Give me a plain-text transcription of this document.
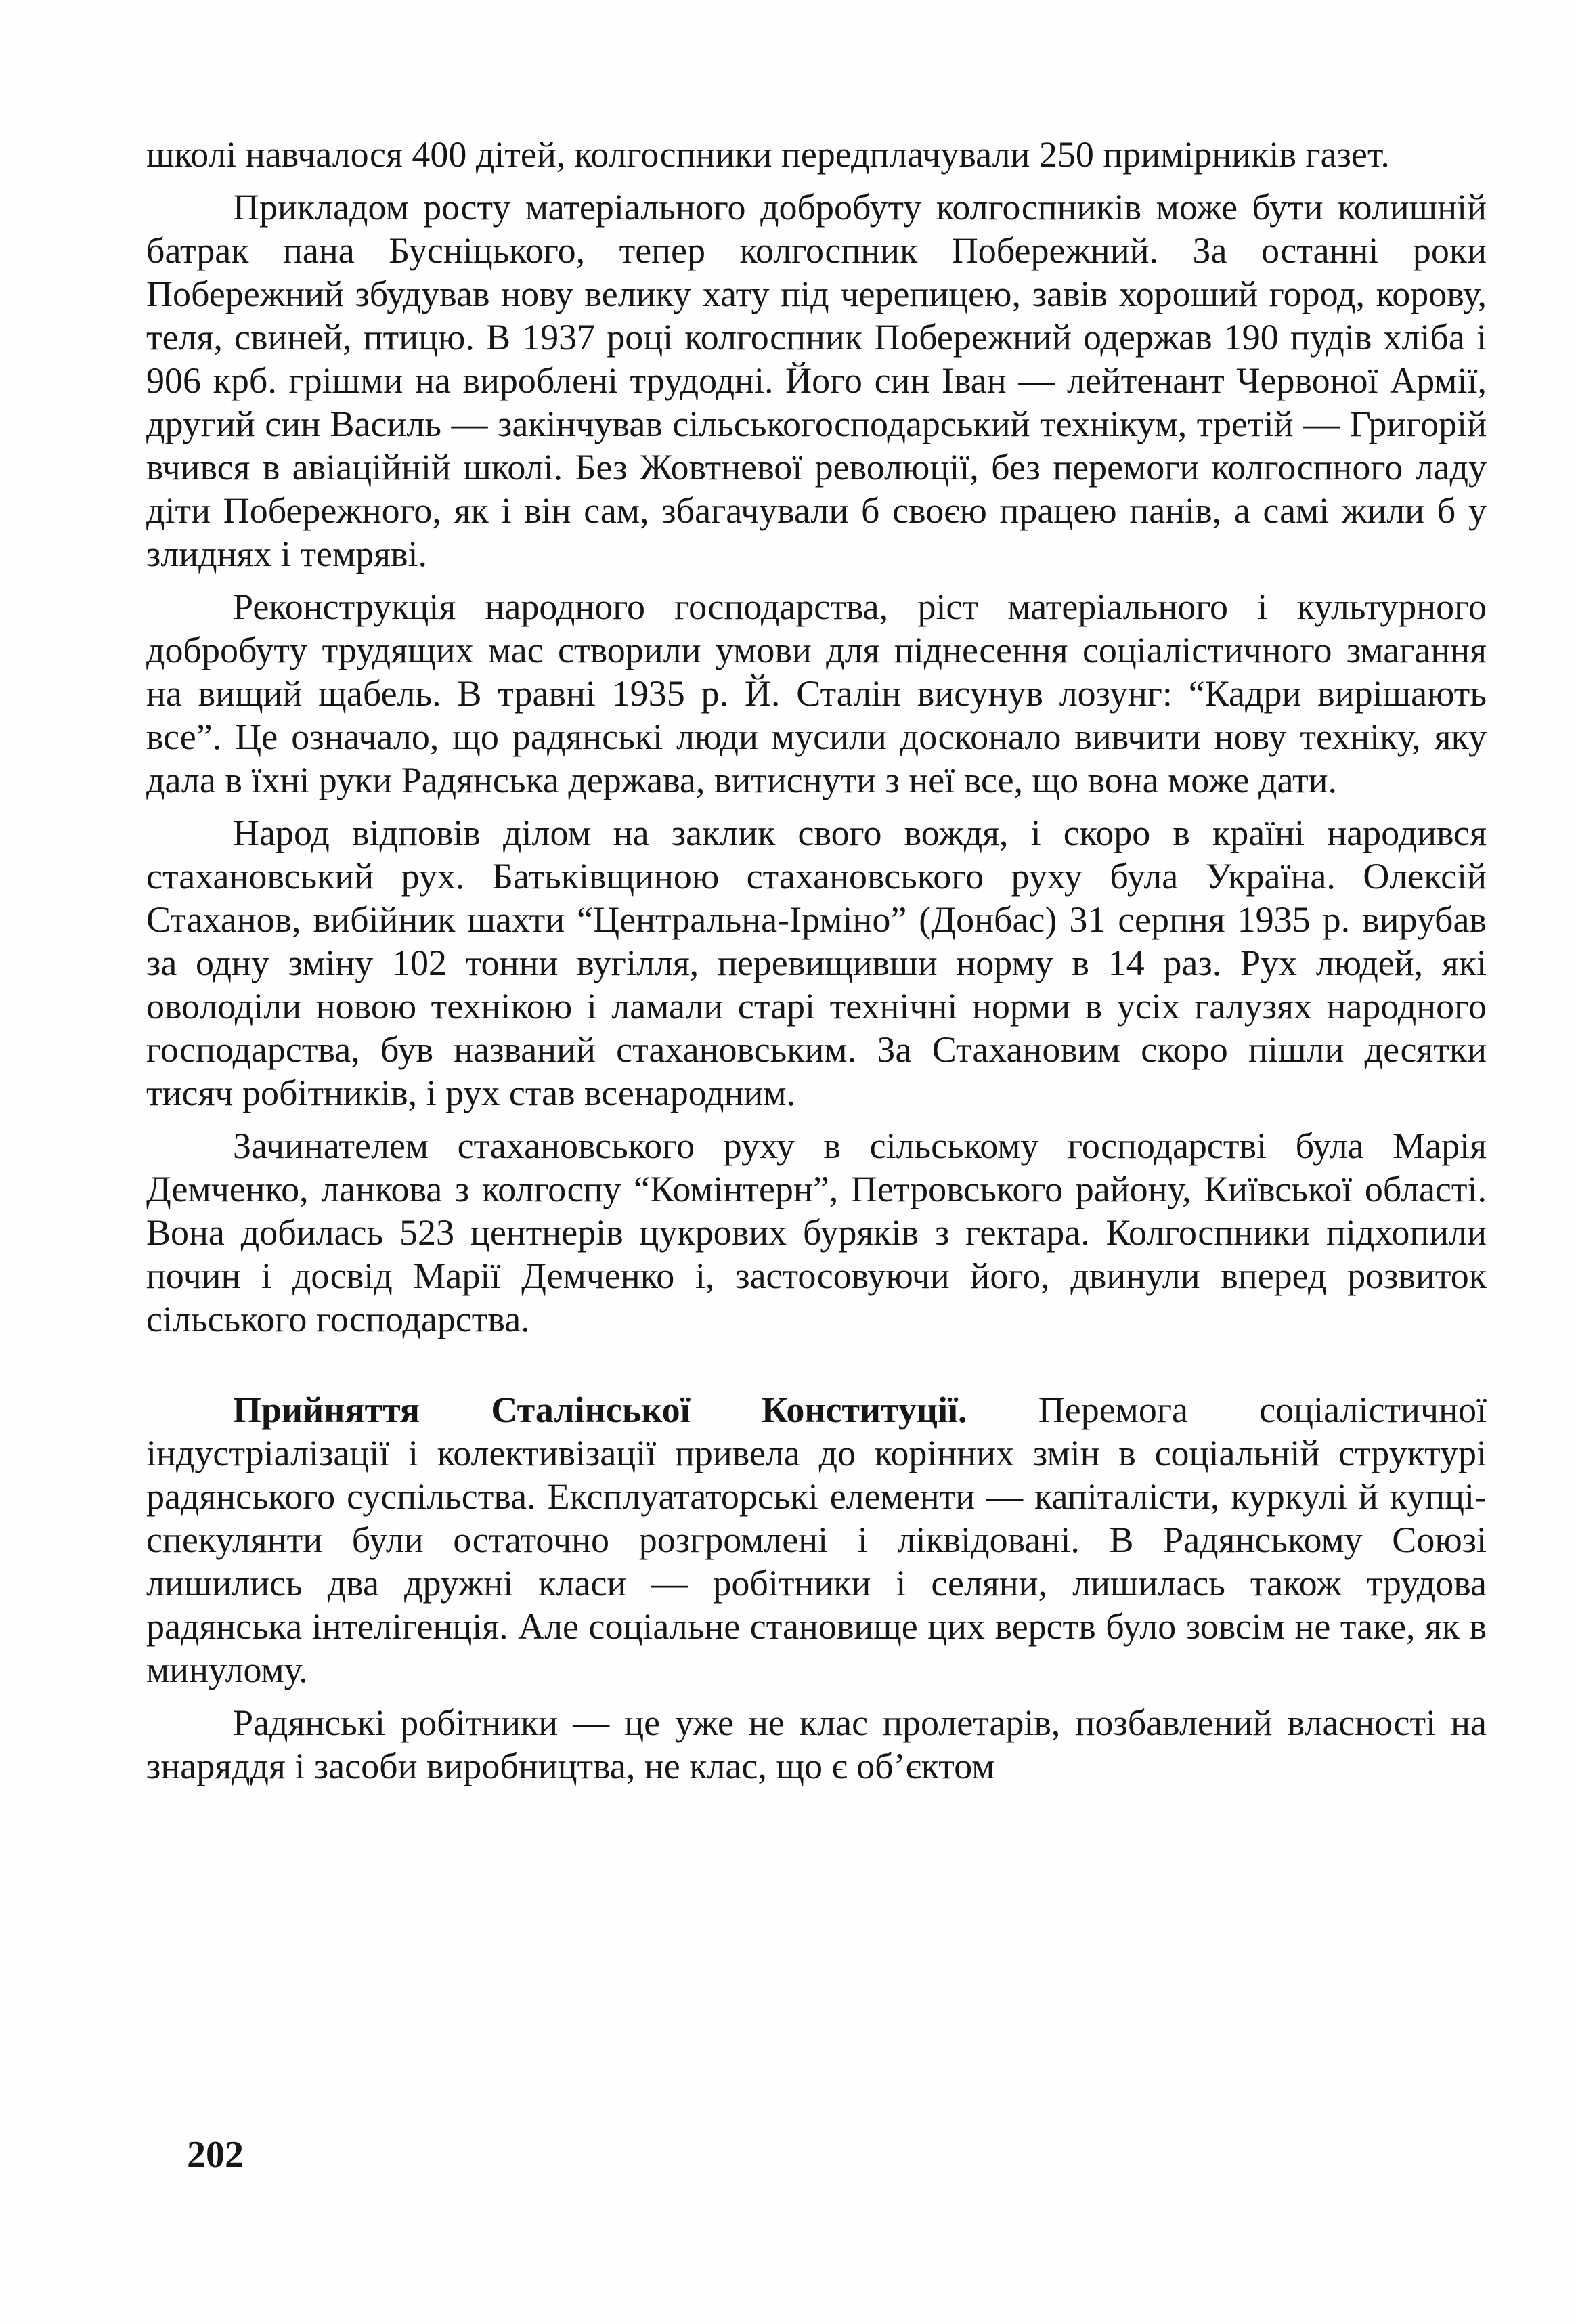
школі навчалося 400 дітей, колгоспники передплачували 250 примірників газет.

Прикладом росту матеріального добробуту колгоспників може бути колишній батрак пана Бусніцького, тепер колгоспник Побережний. За останні роки Побережний збудував нову велику хату під черепицею, завів хороший город, корову, теля, свиней, птицю. В 1937 році колгоспник Побережний одержав 190 пудів хліба і 906 крб. грішми на вироблені трудодні. Його син Іван — лейтенант Червоної Армії, другий син Василь — закінчував сільськогосподарський технікум, третій — Григорій вчився в авіаційній школі. Без Жовтневої революції, без перемоги колгоспного ладу діти Побережного, як і він сам, збагачували б своєю працею панів, а самі жили б у злиднях і темряві.

Реконструкція народного господарства, ріст матеріального і культурного добробуту трудящих мас створили умови для піднесення соціалістичного змагання на вищий щабель. В травні 1935 р. Й. Сталін висунув лозунг: “Кадри вирішають все”. Це означало, що радянські люди мусили досконало вивчити нову техніку, яку дала в їхні руки Радянська держава, витиснути з неї все, що вона може дати.

Народ відповів ділом на заклик свого вождя, і скоро в країні народився стахановський рух. Батьківщиною стахановського руху була Україна. Олексій Стаханов, вибійник шахти “Центральна-Ірміно” (Донбас) 31 серпня 1935 р. вирубав за одну зміну 102 тонни вугілля, перевищивши норму в 14 раз. Рух людей, які оволоділи новою технікою і ламали старі технічні норми в усіх галузях народного господарства, був названий стахановським. За Стахановим скоро пішли десятки тисяч робітників, і рух став всенародним.

Зачинателем стахановського руху в сільському господарстві була Марія Демченко, ланкова з колгоспу “Комінтерн”, Петровського району, Київської області. Вона добилась 523 центнерів цукрових буряків з гектара. Колгоспники підхопили почин і досвід Марії Демченко і, застосовуючи його, двинули вперед розвиток сільського господарства.

Прийняття Сталінської Конституції. Перемога соціалістичної індустріалізації і колективізації привела до корінних змін в соціальній структурі радянського суспільства. Експлуататорські елементи — капіталісти, куркулі й купці-спекулянти були остаточно розгромлені і ліквідовані. В Радянському Союзі лишились два дружні класи — робітники і селяни, лишилась також трудова радянська інтелігенція. Але соціальне становище цих верств було зовсім не таке, як в минулому.

Радянські робітники — це уже не клас пролетарів, позбавлений власності на знаряддя і засоби виробництва, не клас, що є об’єктом

202
